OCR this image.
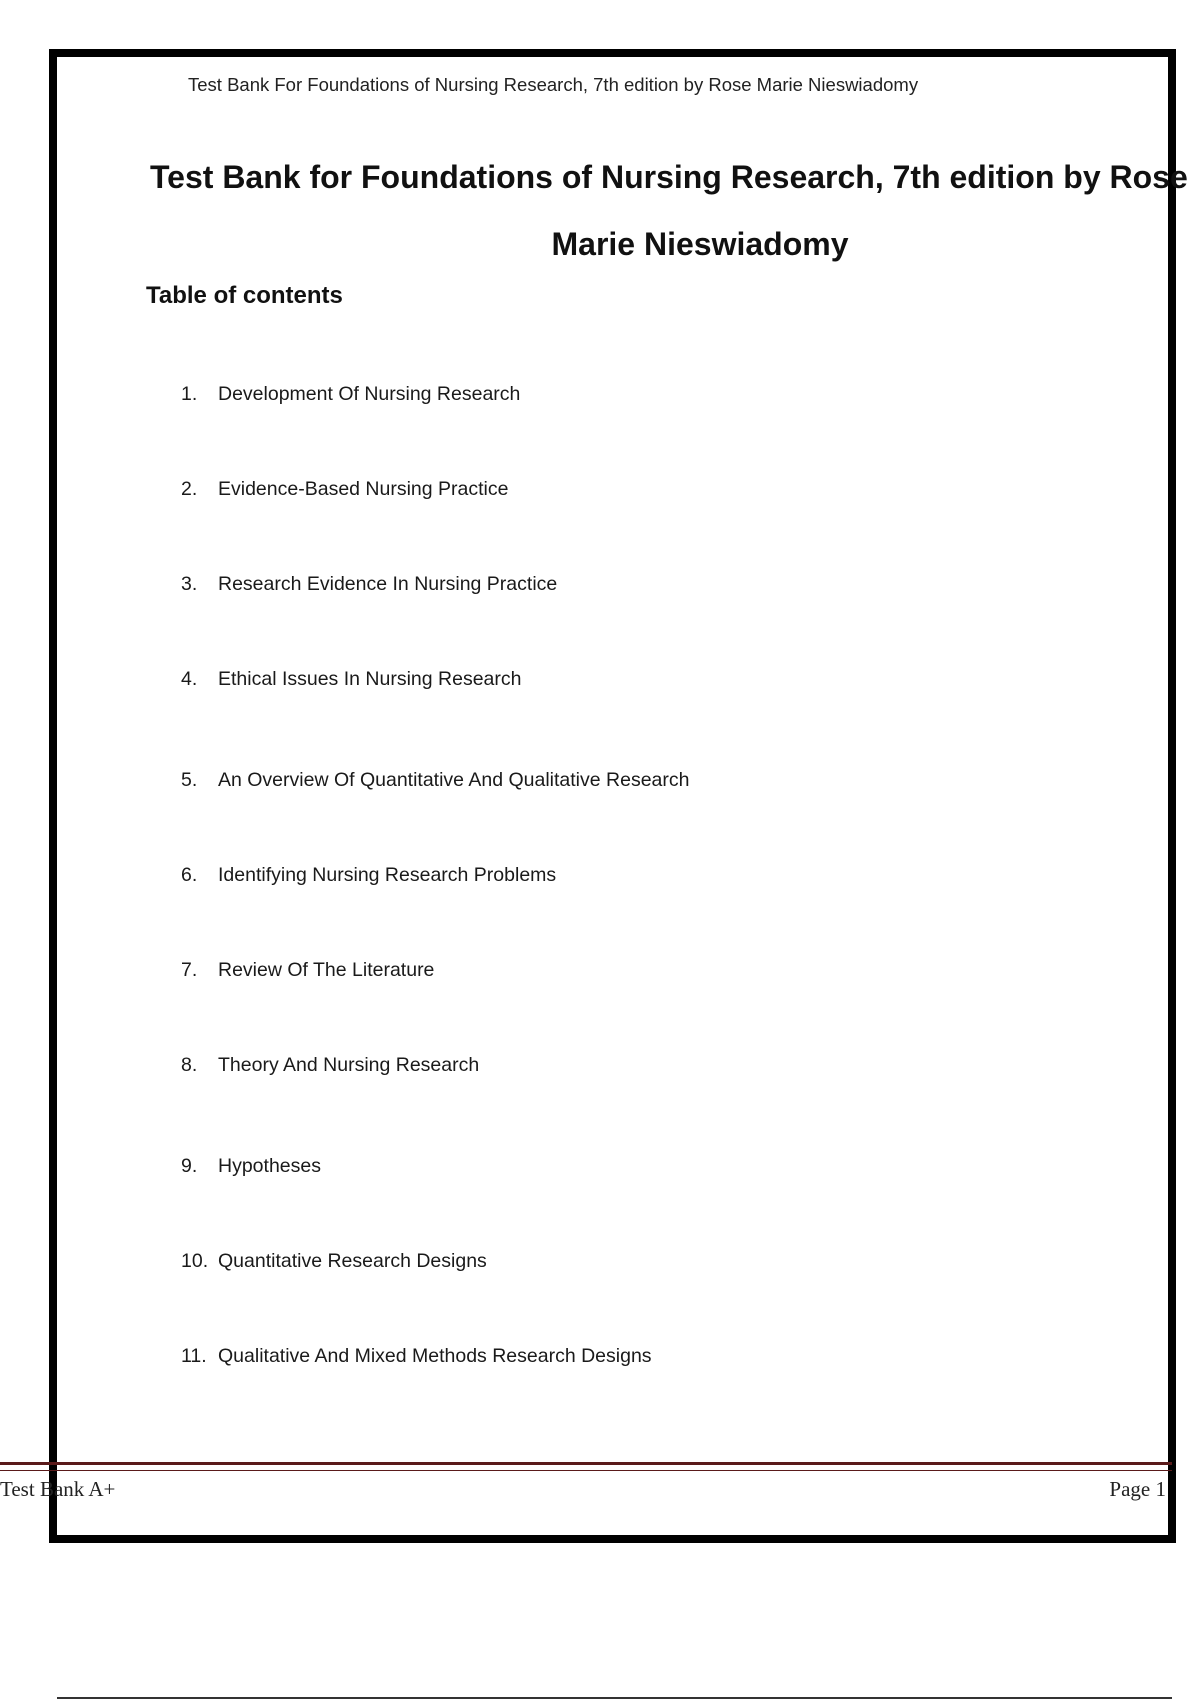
Test Bank For Foundations of Nursing Research, 7th edition by Rose Marie Nieswiadomy
Test Bank for Foundations of Nursing Research, 7th edition by Rose
Marie Nieswiadomy
Table of contents
1. Development Of Nursing Research
2. Evidence-Based Nursing Practice
3. Research Evidence In Nursing Practice
4. Ethical Issues In Nursing Research
5. An Overview Of Quantitative And Qualitative Research
6. Identifying Nursing Research Problems
7. Review Of The Literature
8. Theory And Nursing Research
9. Hypotheses
10. Quantitative Research Designs
11. Qualitative And Mixed Methods Research Designs
Test Bank A+	Page 1
